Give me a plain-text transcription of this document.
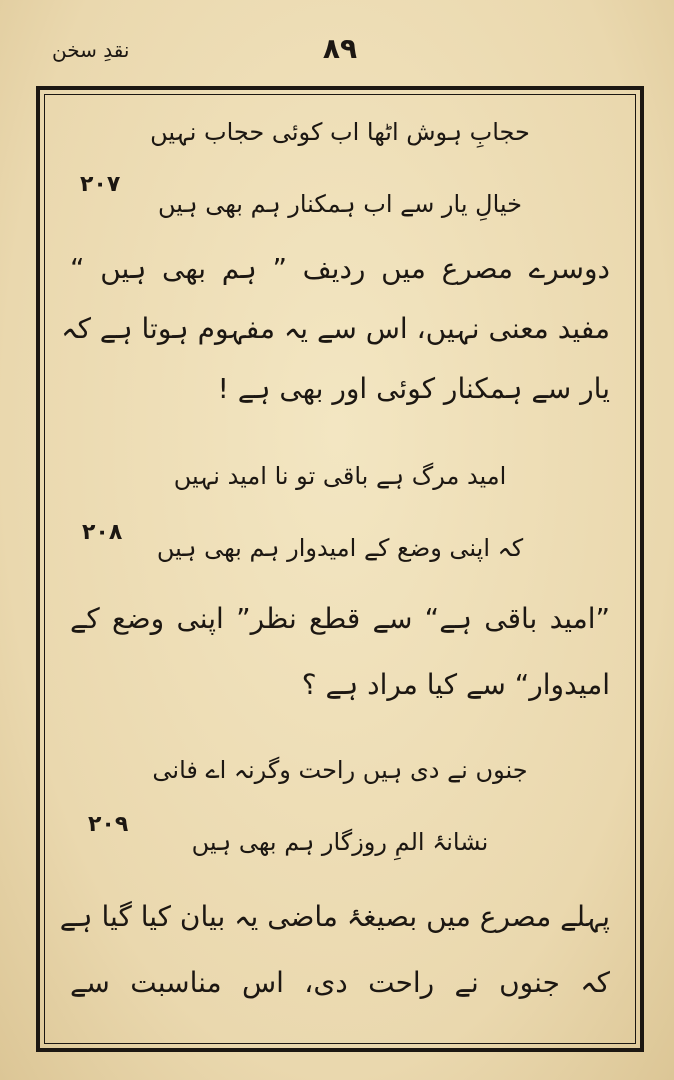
نقدِ سخن	۸۹
حجابِ ہوش اٹھا اب کوئی حجاب نہیں
۲۰۷
خیالِ یار سے اب ہمکنار ہم بھی ہیں
دوسرے مصرع میں ردیف ” ہم بھی ہیں “
مفید معنی نہیں، اس سے یہ مفہوم ہوتا ہے کہ
یار سے ہمکنار کوئی اور بھی ہے !
امید مرگ ہے باقی تو نا امید نہیں
۲۰۸
کہ اپنی وضع کے امیدوار ہم بھی ہیں
”امید باقی ہے“ سے قطع نظر” اپنی وضع کے
امیدوار“ سے کیا مراد ہے ؟
جنوں نے دی ہیں راحت وگرنہ اے فانی
۲۰۹
نشانۂ المِ روزگار ہم بھی ہیں
پہلے مصرع میں بصیغۂ ماضی یہ بیان کیا گیا ہے
کہ جنوں نے راحت دی، اس مناسبت سے
